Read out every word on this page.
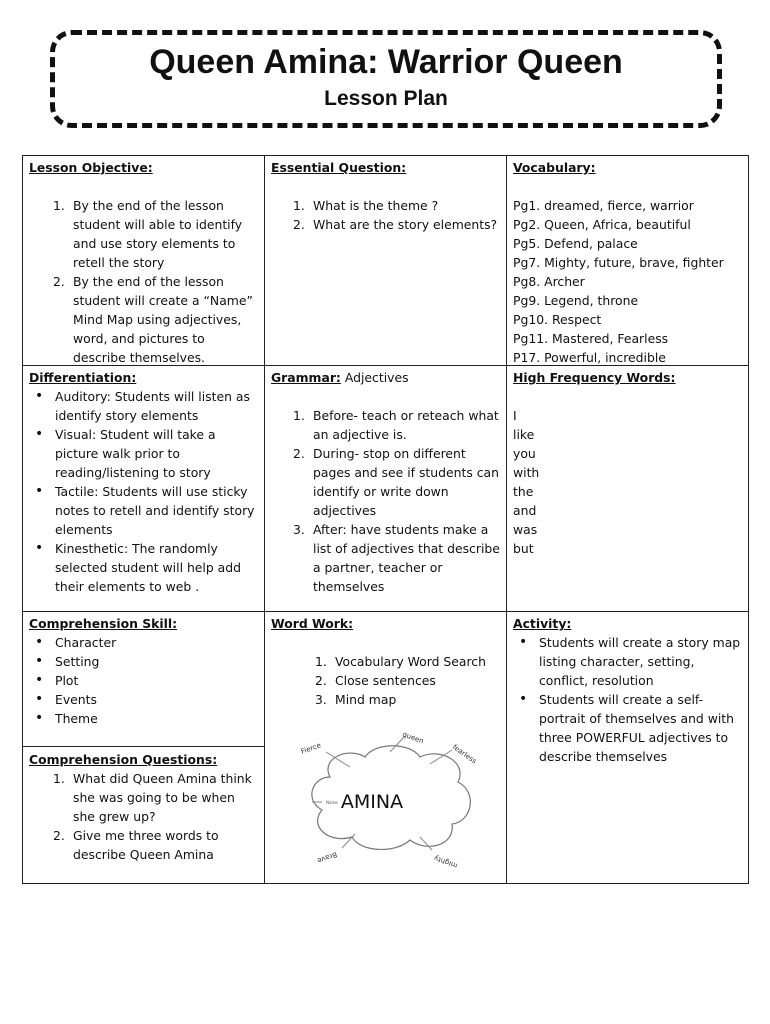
Queen Amina: Warrior Queen
Lesson Plan
Lesson Objective:
1. By the end of the lesson student will able to identify and use story elements to retell the story
2. By the end of the lesson student will create a “Name” Mind Map using adjectives, word, and pictures to describe themselves.
Essential Question:
1. What is the theme ?
2. What are the story elements?
Vocabulary:
Pg1. dreamed, fierce, warrior
Pg2. Queen, Africa, beautiful
Pg5. Defend, palace
Pg7. Mighty, future, brave, fighter
Pg8. Archer
Pg9. Legend, throne
Pg10. Respect
Pg11. Mastered, Fearless
P17. Powerful, incredible
Differentiation:
• Auditory: Students will listen as identify story elements
• Visual: Student will take a picture walk prior to reading/listening to story
• Tactile: Students will use sticky notes to retell and identify story elements
• Kinesthetic: The randomly selected student will help add their elements to web .
Grammar: Adjectives
1. Before- teach or reteach what an adjective is.
2. During- stop on different pages and see if students can identify or write down adjectives
3. After: have students make a list of adjectives that describe a partner, teacher or themselves
High Frequency Words:
I
like
you
with
the
and
was
but
Comprehension Skill:
• Character
• Setting
• Plot
• Events
• Theme
Comprehension Questions:
1. What did Queen Amina think she was going to be when she grew up?
2. Give me three words to describe Queen Amina
Word Work:
1. Vocabulary Word Search
2. Close sentences
3. Mind map
Activity:
• Students will create a story map listing character, setting, conflict, resolution
• Students will create a self-portrait of themselves and with three POWERFUL adjectives to describe themselves
AMINA
Fierce
queen
fearless
Brave	mighty
Name
